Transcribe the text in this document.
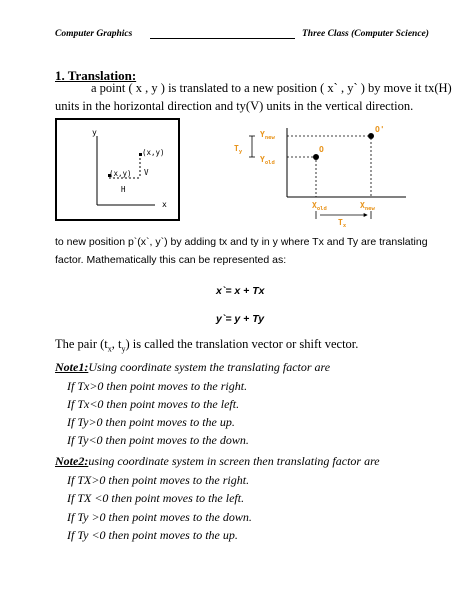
Computer Graphics	Three Class (Computer Science)
1. Translation:
a point ( x , y ) is translated to a new position ( x` , y` ) by move it tx(H)
units in the horizontal direction and ty(V) units in the vertical direction.
y
x
(x,y)
(x,y)
V
H
O
O'
$T_y$
$Y_{new}$
$Y_{old}$
$X_{old}$	$X_{new}$
$T_x$
to new position p`(x`, y`) by adding tx and ty in y where Tx and Ty are translating
factor. Mathematically this can be represented as:
x`= x + Tx
y`= y + Ty
The pair ($t_x$, $t_y$) is called the translation vector or shift vector.
Note1:Using coordinate system the translating factor are
If Tx>0 then point moves to the right.
If Tx<0 then point moves to the left.
If Ty>0 then point moves to the up.
If Ty<0 then point moves to the down.
Note2:using coordinate system in screen then translating factor are
If TX>0 then point moves to the right.
If TX <0 then point moves to the left.
If Ty >0 then point moves to the down.
If Ty <0 then point moves to the up.
